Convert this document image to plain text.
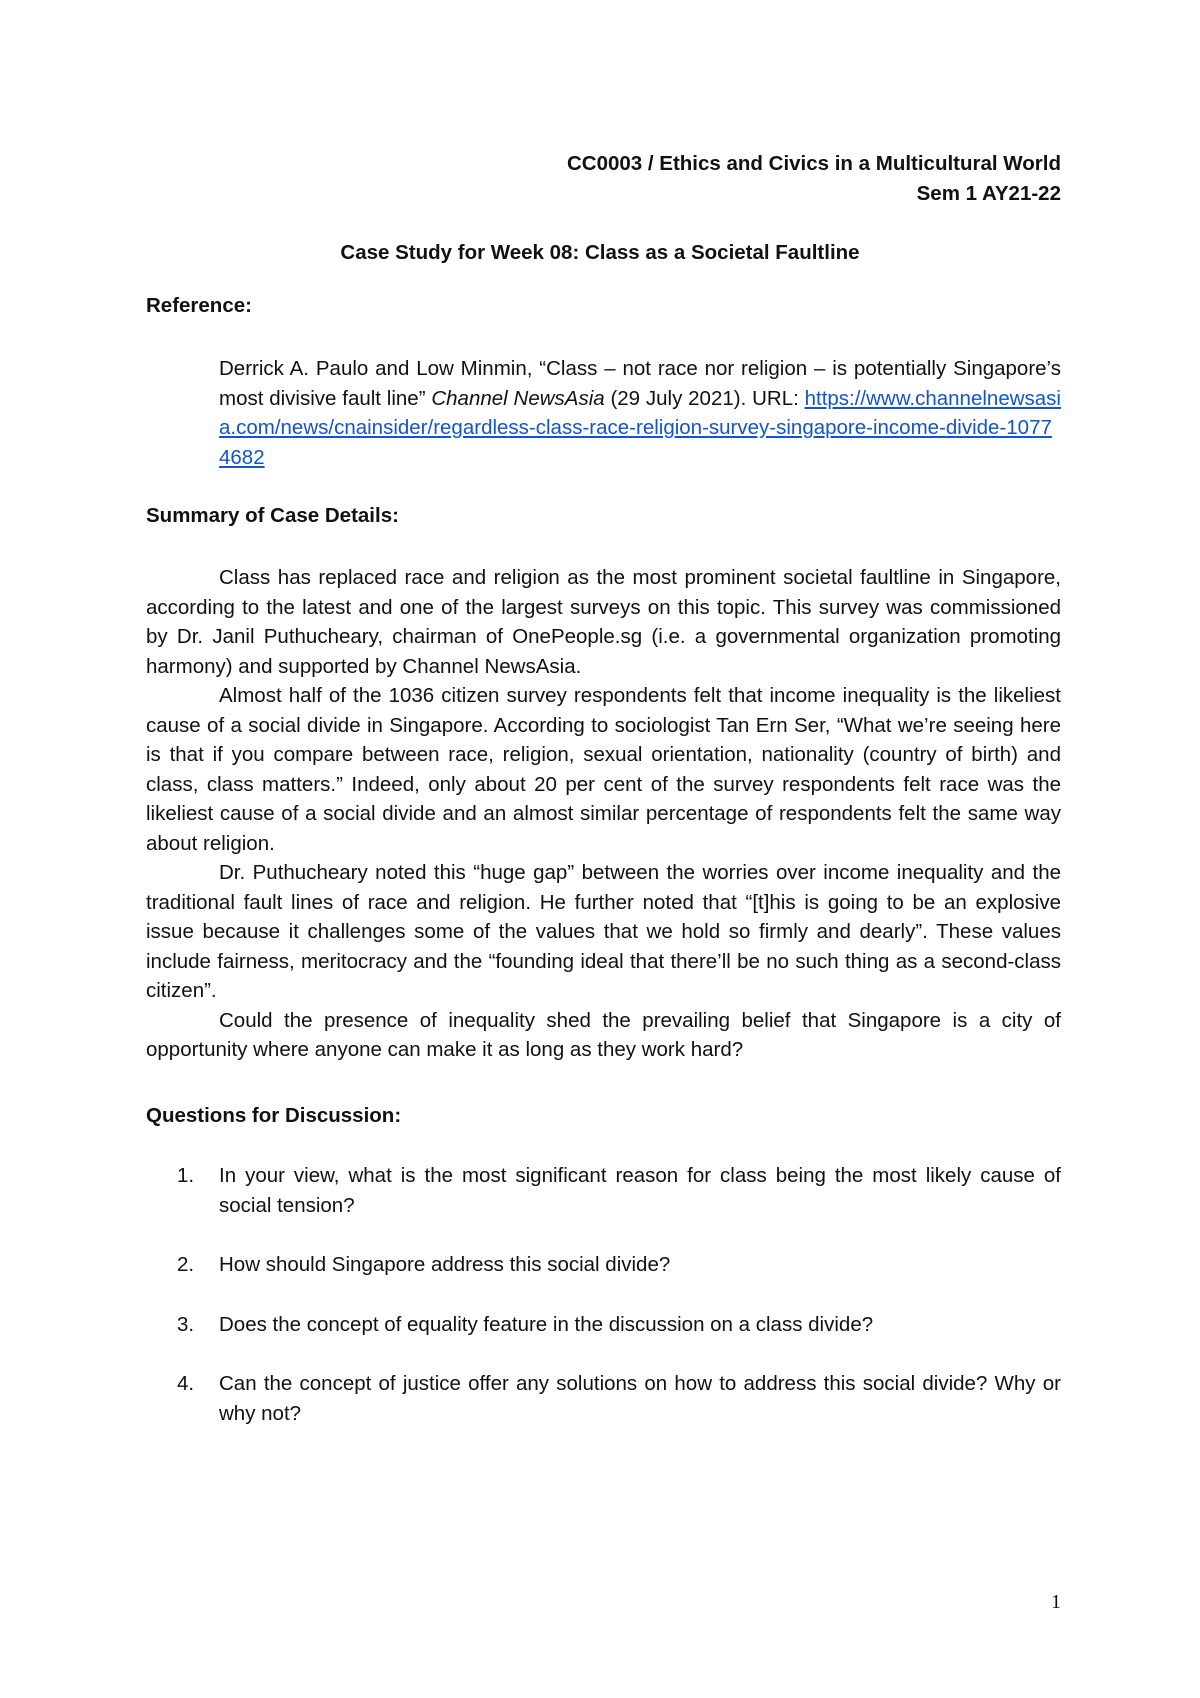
CC0003 / Ethics and Civics in a Multicultural World
Sem 1 AY21-22
Case Study for Week 08: Class as a Societal Faultline
Reference:
Derrick A. Paulo and Low Minmin, “Class – not race nor religion – is potentially Singapore’s most divisive fault line” Channel NewsAsia (29 July 2021). URL: https://www.channelnewsasia.com/news/cnainsider/regardless-class-race-religion-survey-singapore-income-divide-10774682
Summary of Case Details:

Class has replaced race and religion as the most prominent societal faultline in Singapore, according to the latest and one of the largest surveys on this topic. This survey was commissioned by Dr. Janil Puthucheary, chairman of OnePeople.sg (i.e. a governmental organization promoting harmony) and supported by Channel NewsAsia.

Almost half of the 1036 citizen survey respondents felt that income inequality is the likeliest cause of a social divide in Singapore. According to sociologist Tan Ern Ser, “What we’re seeing here is that if you compare between race, religion, sexual orientation, nationality (country of birth) and class, class matters.” Indeed, only about 20 per cent of the survey respondents felt race was the likeliest cause of a social divide and an almost similar percentage of respondents felt the same way about religion.

Dr. Puthucheary noted this “huge gap” between the worries over income inequality and the traditional fault lines of race and religion. He further noted that “[t]his is going to be an explosive issue because it challenges some of the values that we hold so firmly and dearly”. These values include fairness, meritocracy and the “founding ideal that there’ll be no such thing as a second-class citizen”.

Could the presence of inequality shed the prevailing belief that Singapore is a city of opportunity where anyone can make it as long as they work hard?

Questions for Discussion:
1. In your view, what is the most significant reason for class being the most likely cause of social tension?
2. How should Singapore address this social divide?
3. Does the concept of equality feature in the discussion on a class divide?
4. Can the concept of justice offer any solutions on how to address this social divide? Why or why not?
1
